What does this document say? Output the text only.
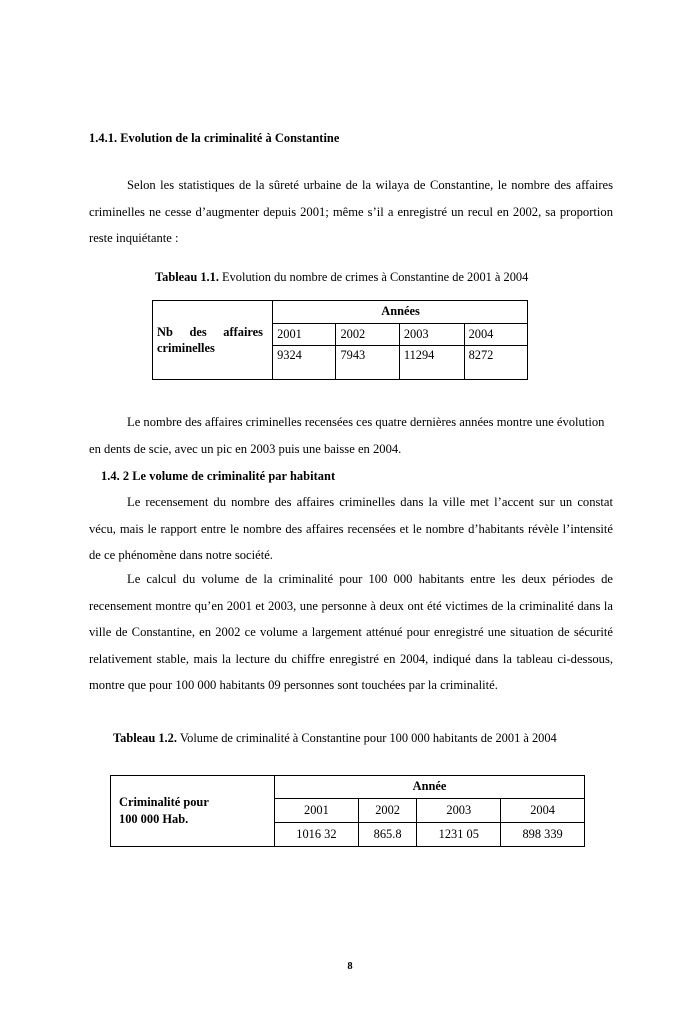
1.4.1. Evolution de la criminalité à Constantine
Selon les statistiques de la sûreté urbaine de la wilaya de Constantine, le nombre des affaires criminelles ne cesse d’augmenter depuis 2001; même s’il a enregistré un recul en 2002, sa proportion reste inquiétante :
Tableau 1.1. Evolution du nombre de crimes à Constantine de 2001 à 2004
Nb des affaires
criminelles	Années			
	2001	2002	2003	2004
	9324	7943	11294	8272
Le nombre des affaires criminelles recensées ces quatre dernières années montre une évolution en dents de scie, avec un pic en 2003 puis une baisse en 2004.
1.4. 2 Le volume de criminalité par habitant
Le recensement du nombre des affaires criminelles dans la ville met l’accent sur un constat vécu, mais le rapport entre le nombre des affaires recensées et le nombre d’habitants révèle l’intensité de ce phénomène dans notre société.
Le calcul du volume de la criminalité pour 100 000 habitants entre les deux périodes de recensement montre qu’en 2001 et 2003, une personne à deux ont été victimes de la criminalité dans la ville de Constantine, en 2002 ce volume a largement atténué pour enregistré une situation de sécurité relativement stable, mais la lecture du chiffre enregistré en 2004, indiqué dans la tableau ci-dessous, montre que pour 100 000 habitants 09 personnes sont touchées par la criminalité.
Tableau 1.2. Volume de criminalité à Constantine pour 100 000 habitants de 2001 à 2004
Criminalité pour
100 000 Hab.	Année			
	2001	2002	2003	2004
	1016 32	865.8	1231 05	898 339
8
